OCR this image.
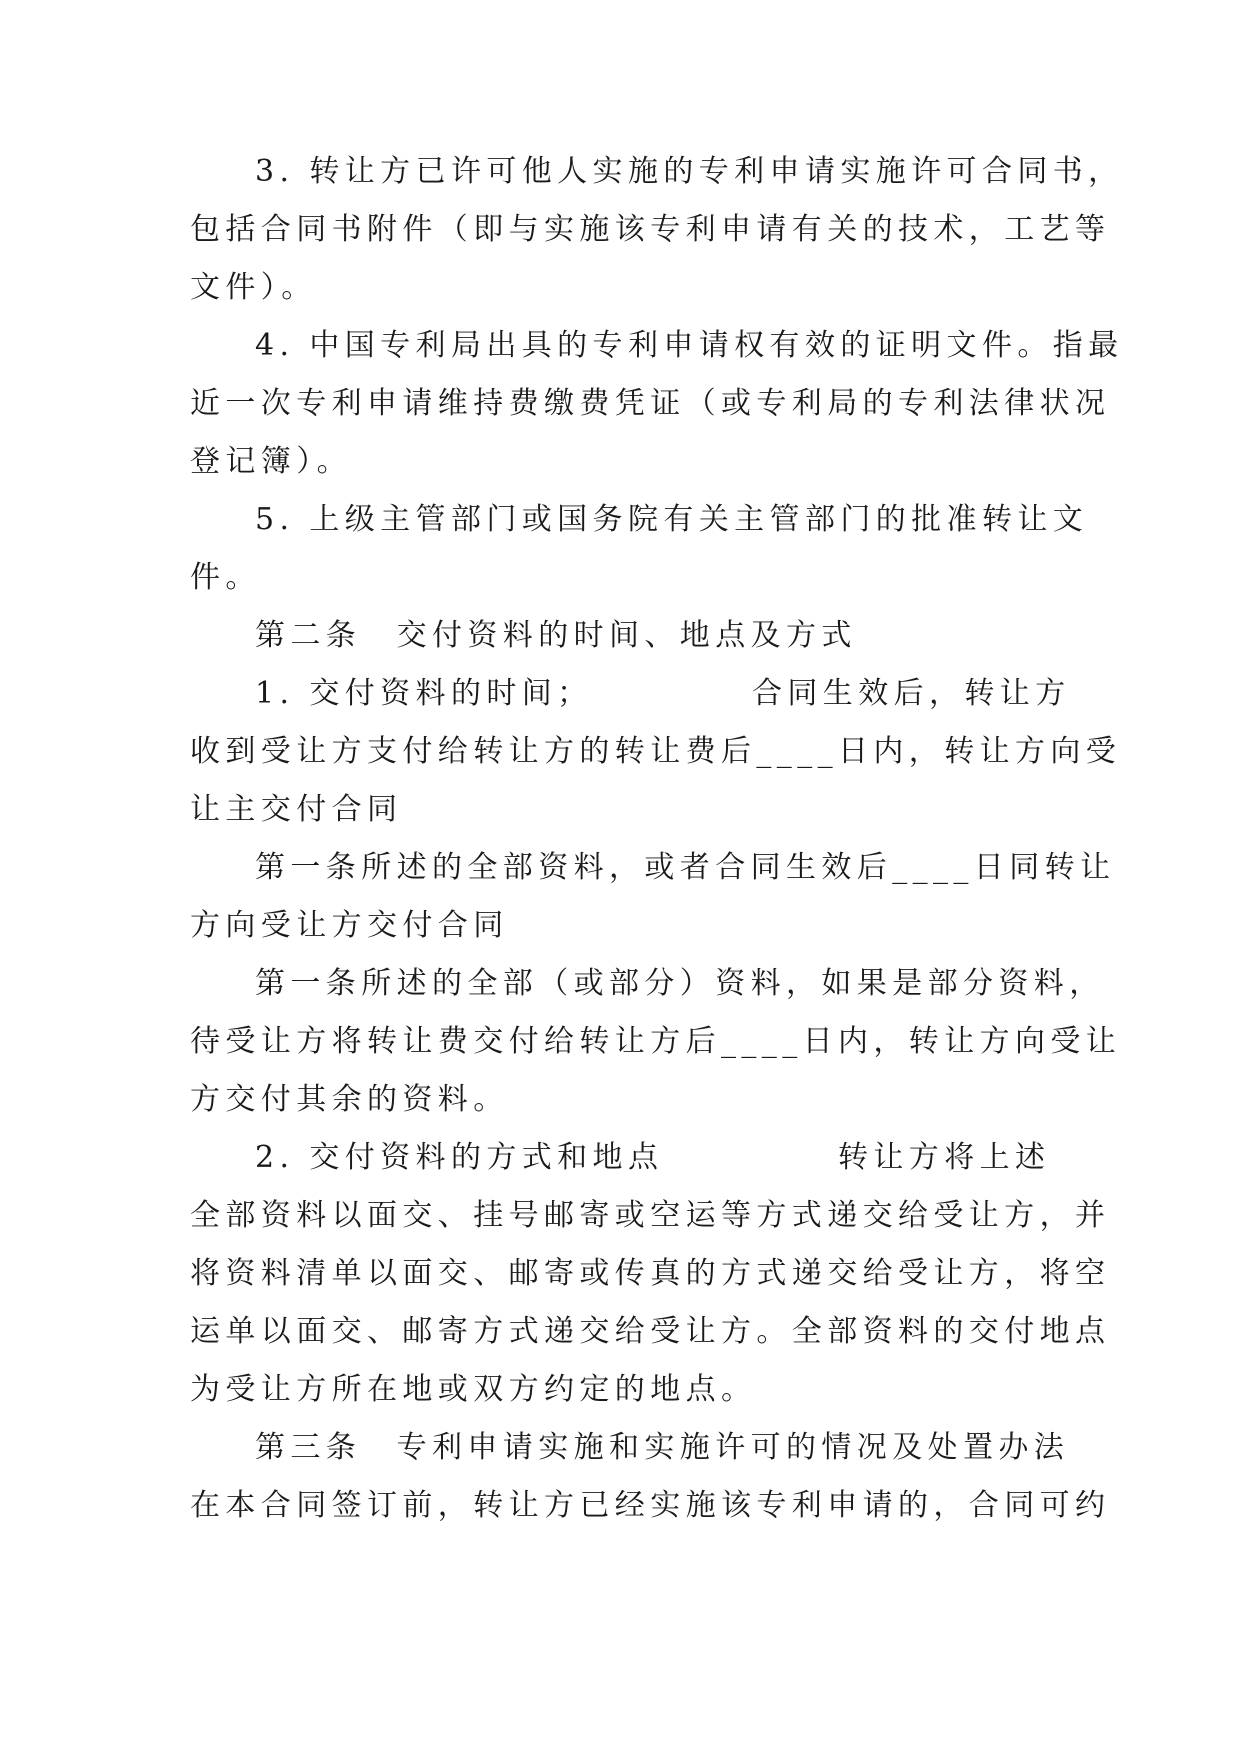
3. 转让方已许可他人实施的专利申请实施许可合同书，
包括合同书附件（即与实施该专利申请有关的技术，工艺等
文件）。
4. 中国专利局出具的专利申请权有效的证明文件。指最
近一次专利申请维持费缴费凭证（或专利局的专利法律状况
登记簿）。
5. 上级主管部门或国务院有关主管部门的批准转让文
件。
第二条　交付资料的时间、地点及方式
1. 交付资料的时间；	合同生效后，转让方
收到受让方支付给转让方的转让费后____日内，转让方向受
让主交付合同
第一条所述的全部资料，或者合同生效后____日同转让
方向受让方交付合同
第一条所述的全部（或部分）资料，如果是部分资料，
待受让方将转让费交付给转让方后____日内，转让方向受让
方交付其余的资料。
2. 交付资料的方式和地点	转让方将上述
全部资料以面交、挂号邮寄或空运等方式递交给受让方，并
将资料清单以面交、邮寄或传真的方式递交给受让方，将空
运单以面交、邮寄方式递交给受让方。全部资料的交付地点
为受让方所在地或双方约定的地点。
第三条　专利申请实施和实施许可的情况及处置办法
在本合同签订前，转让方已经实施该专利申请的，合同可约
